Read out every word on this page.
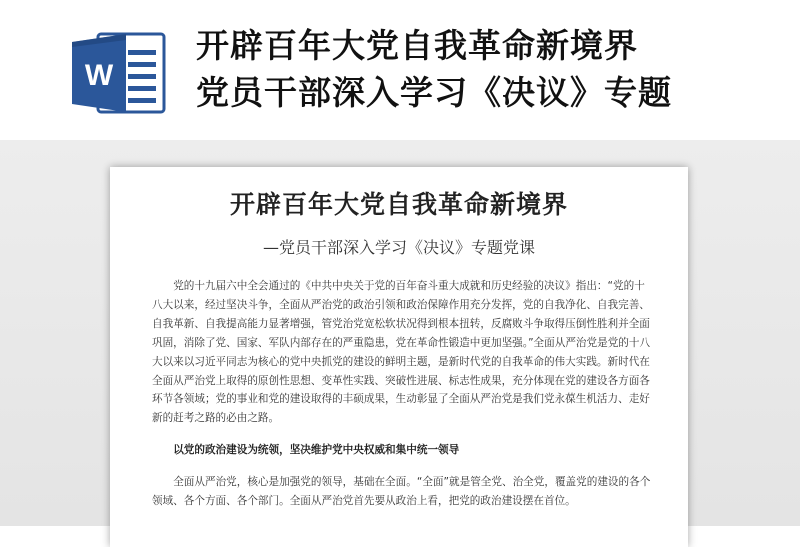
W
开辟百年大党自我革命新境界
党员干部深入学习《决议》专题
开辟百年大党自我革命新境界
—党员干部深入学习《决议》专题党课

党的十九届六中全会通过的《中共中央关于党的百年奋斗重大成就和历史经验的决议》指出：“党的十八大以来，经过坚决斗争，全面从严治党的政治引领和政治保障作用充分发挥，党的自我净化、自我完善、自我革新、自我提高能力显著增强，管党治党宽松软状况得到根本扭转，反腐败斗争取得压倒性胜利并全面巩固，消除了党、国家、军队内部存在的严重隐患，党在革命性锻造中更加坚强。”全面从严治党是党的十八大以来以习近平同志为核心的党中央抓党的建设的鲜明主题，是新时代党的自我革命的伟大实践。新时代在全面从严治党上取得的原创性思想、变革性实践、突破性进展、标志性成果，充分体现在党的建设各方面各环节各领域；党的事业和党的建设取得的丰硕成果，生动彰显了全面从严治党是我们党永葆生机活力、走好新的赶考之路的必由之路。

以党的政治建设为统领，坚决维护党中央权威和集中统一领导

全面从严治党，核心是加强党的领导，基础在全面。“全面”就是管全党、治全党，覆盖党的建设的各个领域、各个方面、各个部门。全面从严治党首先要从政治上看，把党的政治建设摆在首位。
